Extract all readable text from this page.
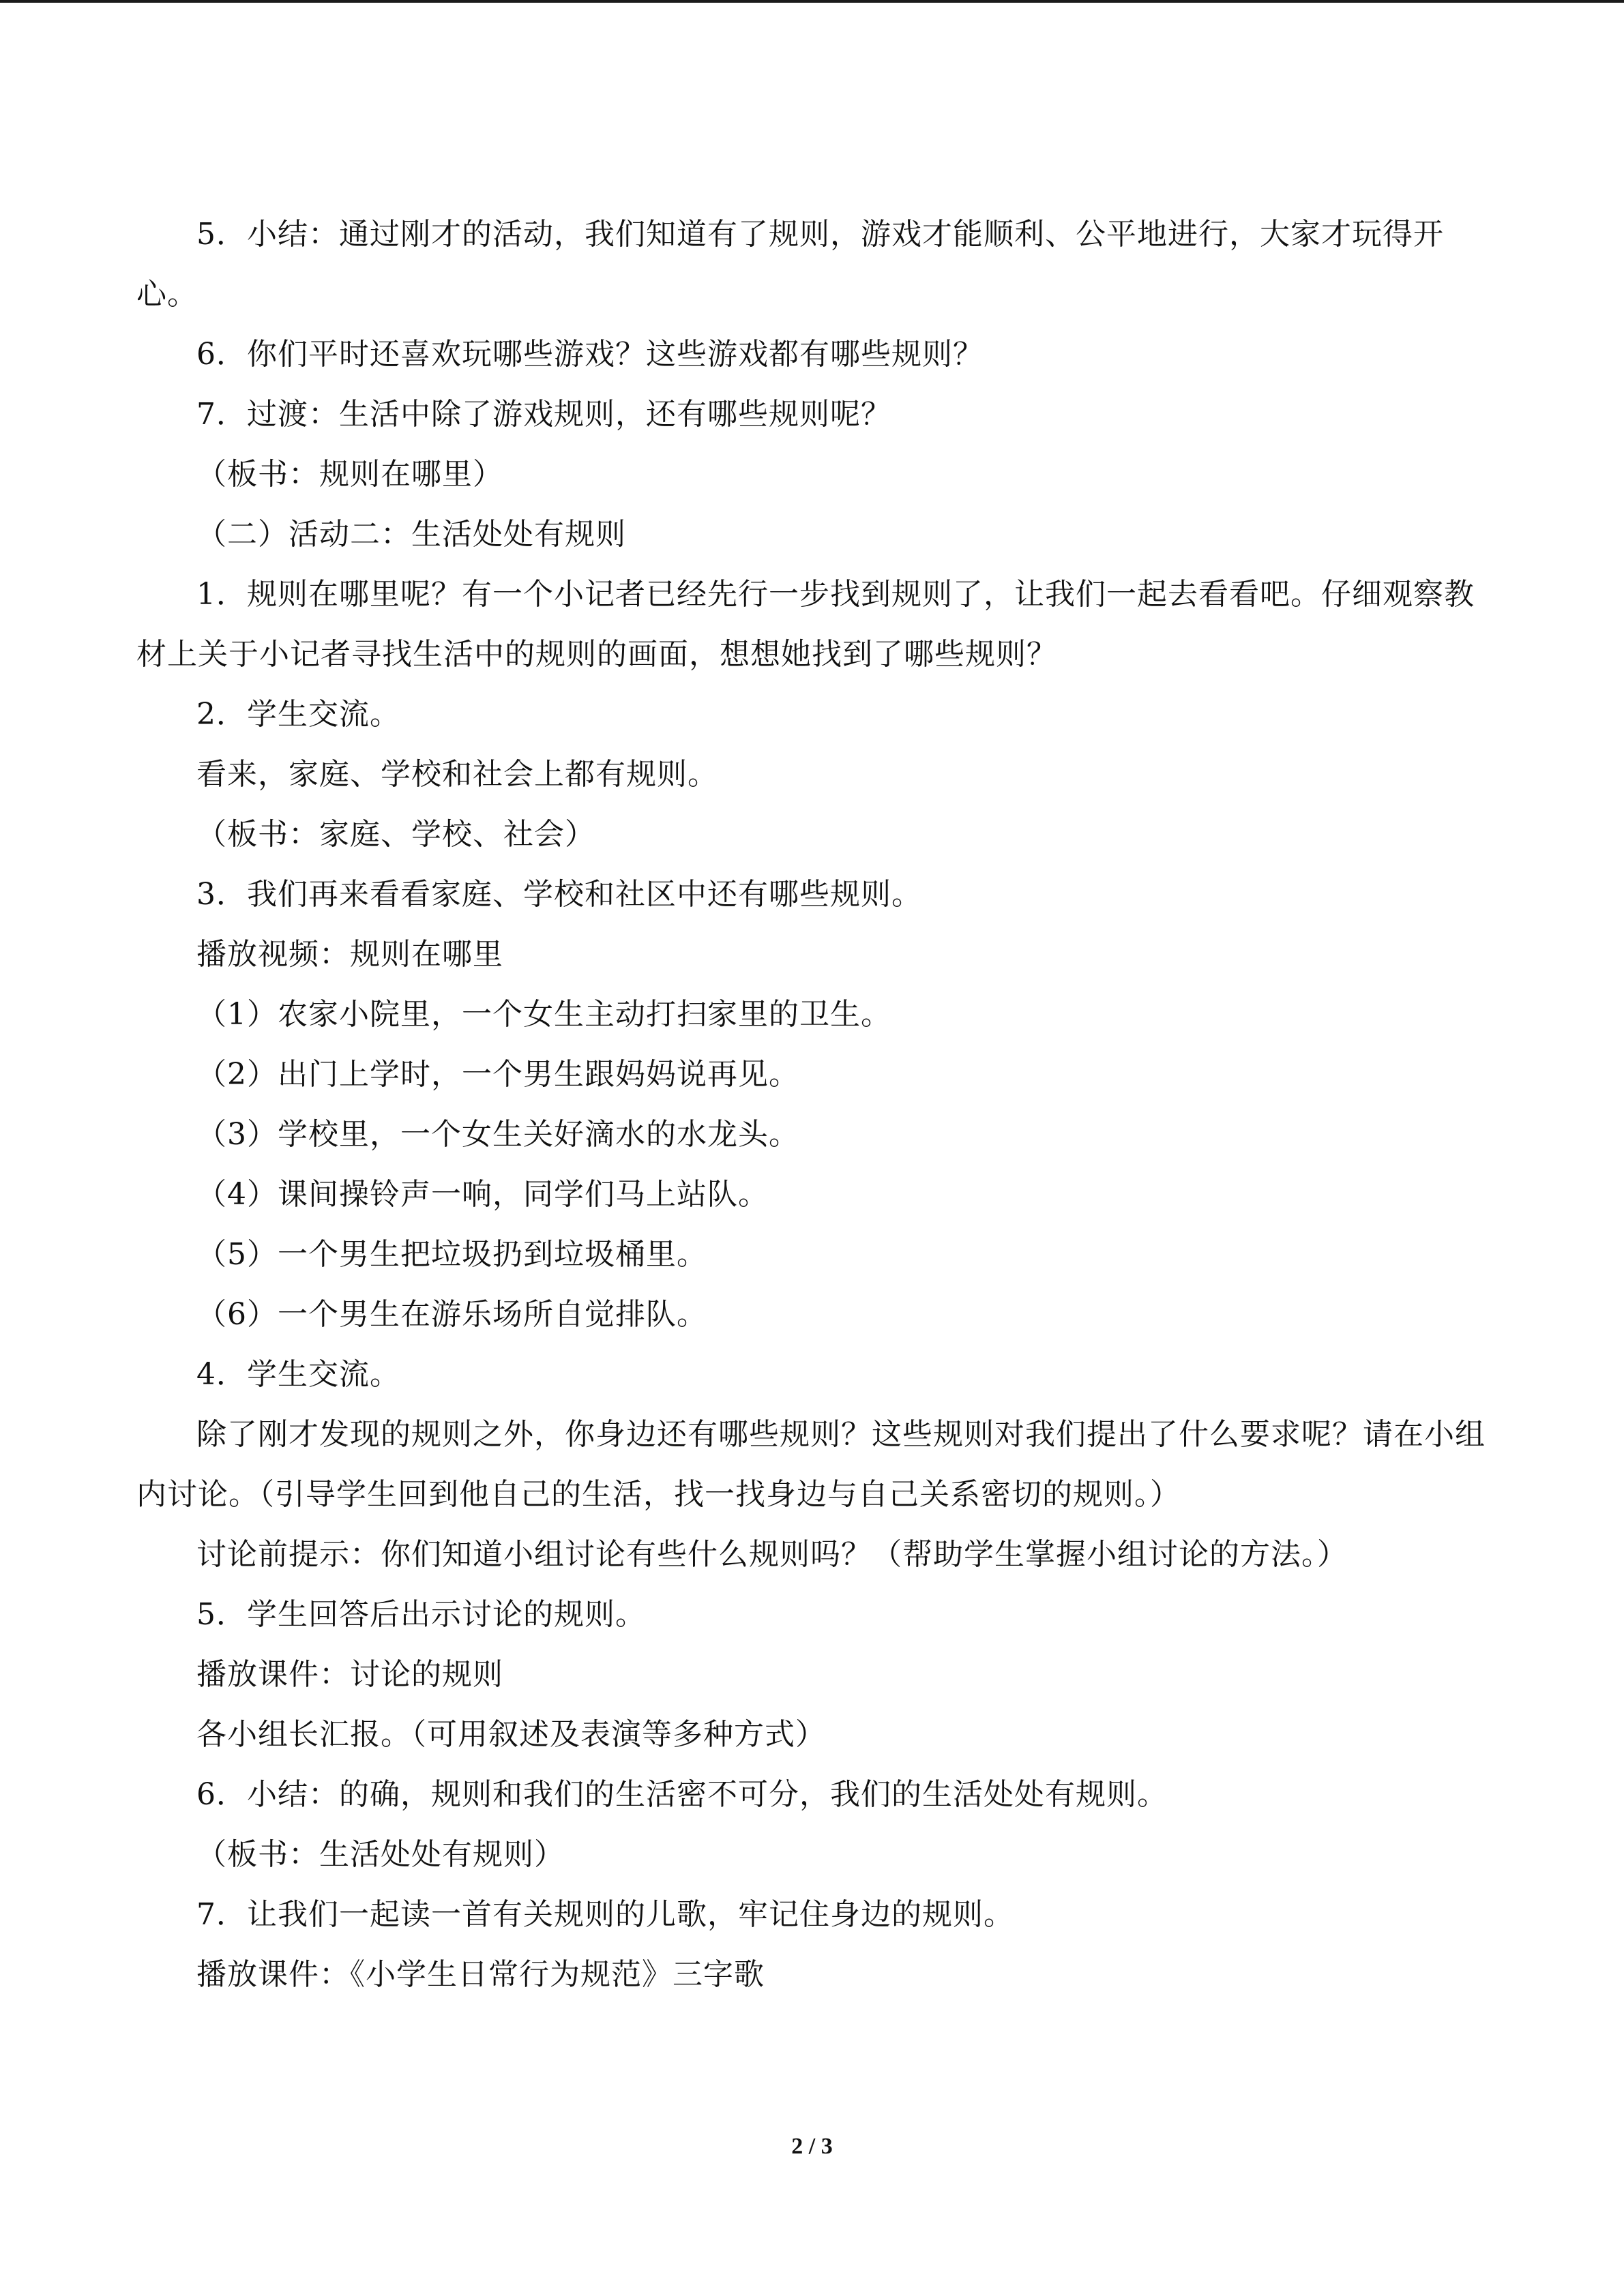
5．小结：通过刚才的活动，我们知道有了规则，游戏才能顺利、公平地进行，大家才玩得开心。

6．你们平时还喜欢玩哪些游戏？这些游戏都有哪些规则？

7．过渡：生活中除了游戏规则，还有哪些规则呢？

（板书：规则在哪里）

（二）活动二：生活处处有规则

1．规则在哪里呢？有一个小记者已经先行一步找到规则了，让我们一起去看看吧。仔细观察教材上关于小记者寻找生活中的规则的画面，想想她找到了哪些规则？

2．学生交流。

看来，家庭、学校和社会上都有规则。

（板书：家庭、学校、社会）

3．我们再来看看家庭、学校和社区中还有哪些规则。

播放视频：规则在哪里

（1）农家小院里，一个女生主动打扫家里的卫生。

（2）出门上学时，一个男生跟妈妈说再见。

（3）学校里，一个女生关好滴水的水龙头。

（4）课间操铃声一响，同学们马上站队。

（5）一个男生把垃圾扔到垃圾桶里。

（6）一个男生在游乐场所自觉排队。

4．学生交流。

除了刚才发现的规则之外，你身边还有哪些规则？这些规则对我们提出了什么要求呢？请在小组内讨论。（引导学生回到他自己的生活，找一找身边与自己关系密切的规则。）

讨论前提示：你们知道小组讨论有些什么规则吗？（帮助学生掌握小组讨论的方法。）

5．学生回答后出示讨论的规则。

播放课件：讨论的规则

各小组长汇报。（可用叙述及表演等多种方式）

6．小结：的确，规则和我们的生活密不可分，我们的生活处处有规则。

（板书：生活处处有规则）

7．让我们一起读一首有关规则的儿歌，牢记住身边的规则。

播放课件：《小学生日常行为规范》三字歌

2 / 3
